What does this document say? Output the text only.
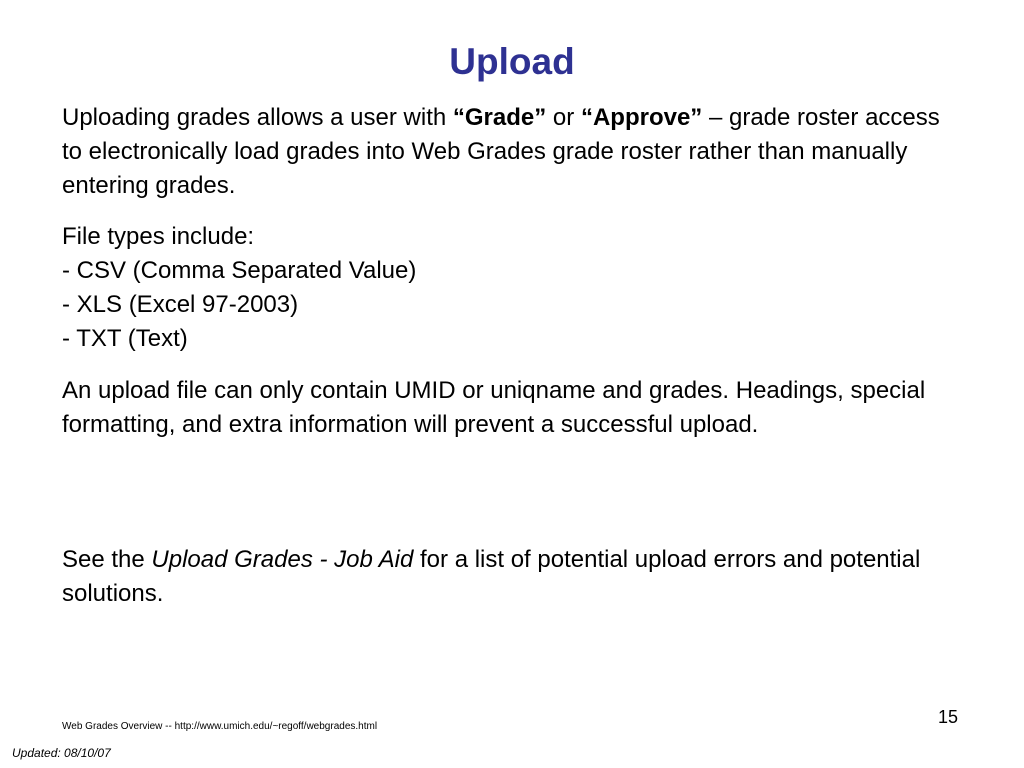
Upload

Uploading grades allows a user with “Grade” or “Approve” – grade roster access to electronically load grades into Web Grades grade roster rather than manually entering grades.

File types include:

- CSV (Comma Separated Value)

- XLS (Excel 97-2003)

- TXT (Text)

An upload file can only contain UMID or uniqname and grades. Headings, special formatting, and extra information will prevent a successful upload.

See the Upload Grades - Job Aid for a list of potential upload errors and potential solutions.

Web Grades Overview -- http://www.umich.edu/~regoff/webgrades.html	15
Updated: 08/10/07
